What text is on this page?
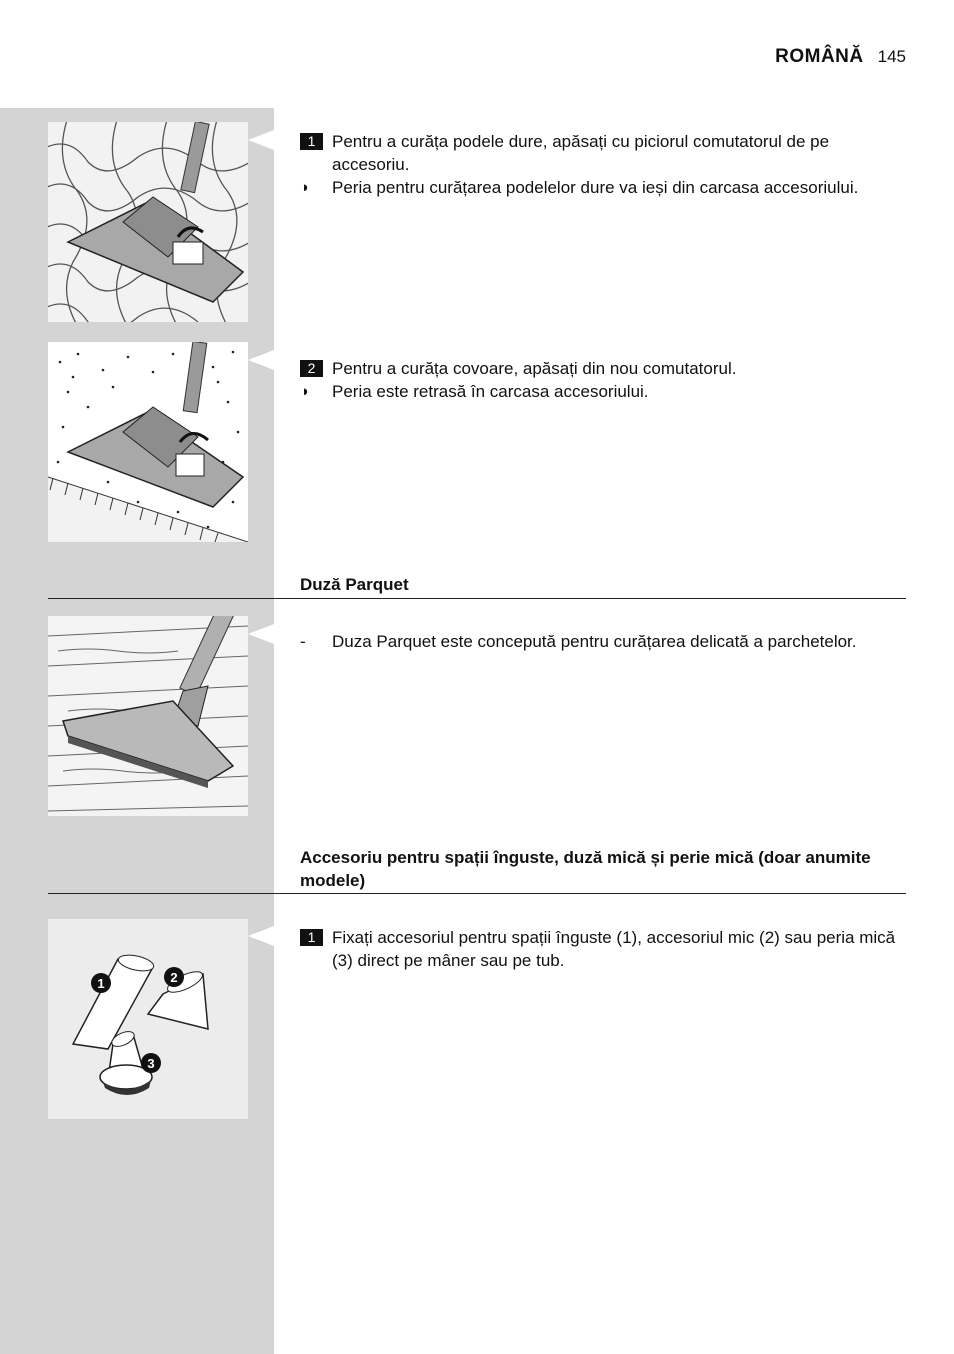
ROMÂNĂ 145
1 Pentru a curăța podele dure, apăsați cu piciorul comutatorul de pe accesoriu.
◗ Peria pentru curățarea podelelor dure va ieși din carcasa accesoriului.
2 Pentru a curăța covoare, apăsați din nou comutatorul.
◗ Peria este retrasă în carcasa accesoriului.
Duză Parquet
- Duza Parquet este concepută pentru curățarea delicată a parchetelor.
Accesoriu pentru spații înguste, duză mică și perie mică (doar anumite modele)
1	2
3
1 Fixați accesoriul pentru spații înguste (1), accesoriul mic (2) sau peria mică (3) direct pe mâner sau pe tub.
